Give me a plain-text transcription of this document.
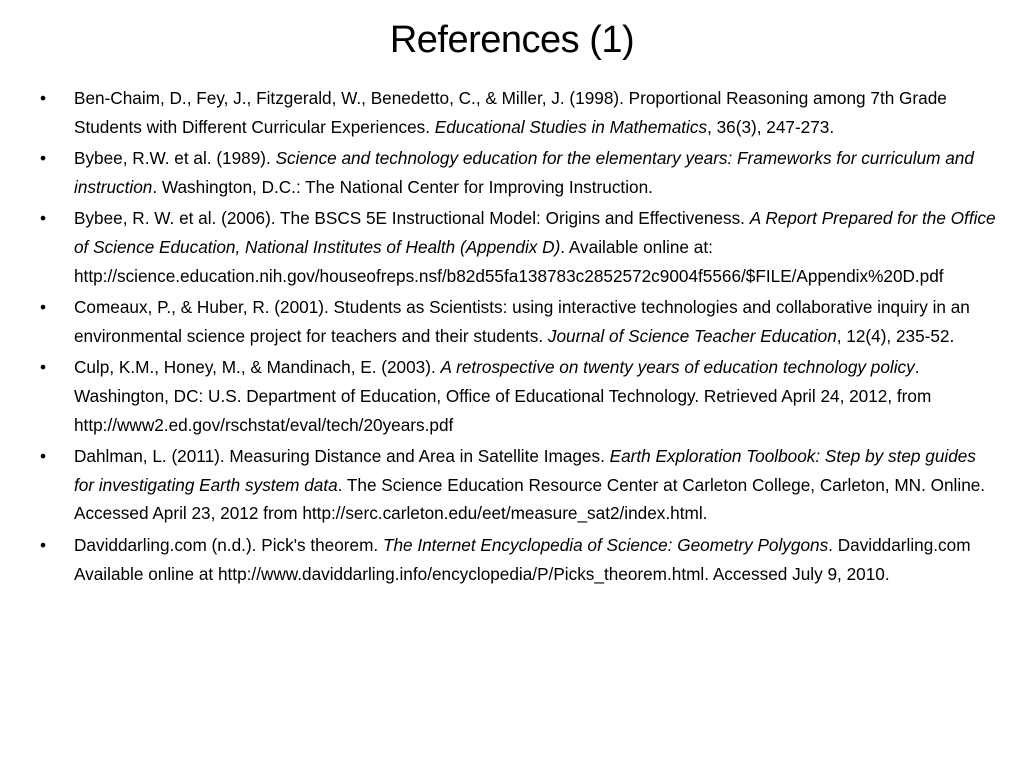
References (1)
• Ben-Chaim, D., Fey, J., Fitzgerald, W., Benedetto, C., & Miller, J. (1998). Proportional Reasoning among 7th Grade Students with Different Curricular Experiences. Educational Studies in Mathematics, 36(3), 247-273.
• Bybee, R.W. et al. (1989). Science and technology education for the elementary years: Frameworks for curriculum and instruction. Washington, D.C.: The National Center for Improving Instruction.
• Bybee, R. W. et al. (2006). The BSCS 5E Instructional Model: Origins and Effectiveness. A Report Prepared for the Office of Science Education, National Institutes of Health (Appendix D). Available online at:
http://science.education.nih.gov/houseofreps.nsf/b82d55fa138783c2852572c9004f5566/$FILE/Appendix%20D.pdf
• Comeaux, P., & Huber, R. (2001). Students as Scientists: using interactive technologies and collaborative inquiry in an environmental science project for teachers and their students. Journal of Science Teacher Education, 12(4), 235-52.
• Culp, K.M., Honey, M., & Mandinach, E. (2003). A retrospective on twenty years of education technology policy. Washington, DC: U.S. Department of Education, Office of Educational Technology. Retrieved April 24, 2012, from http://www2.ed.gov/rschstat/eval/tech/20years.pdf
• Dahlman, L. (2011). Measuring Distance and Area in Satellite Images. Earth Exploration Toolbook: Step by step guides for investigating Earth system data. The Science Education Resource Center at Carleton College, Carleton, MN. Online. Accessed April 23, 2012 from http://serc.carleton.edu/eet/measure_sat2/index.html.
• Daviddarling.com (n.d.). Pick's theorem. The Internet Encyclopedia of Science: Geometry Polygons. Daviddarling.com Available online at http://www.daviddarling.info/encyclopedia/P/Picks_theorem.html. Accessed July 9, 2010.
